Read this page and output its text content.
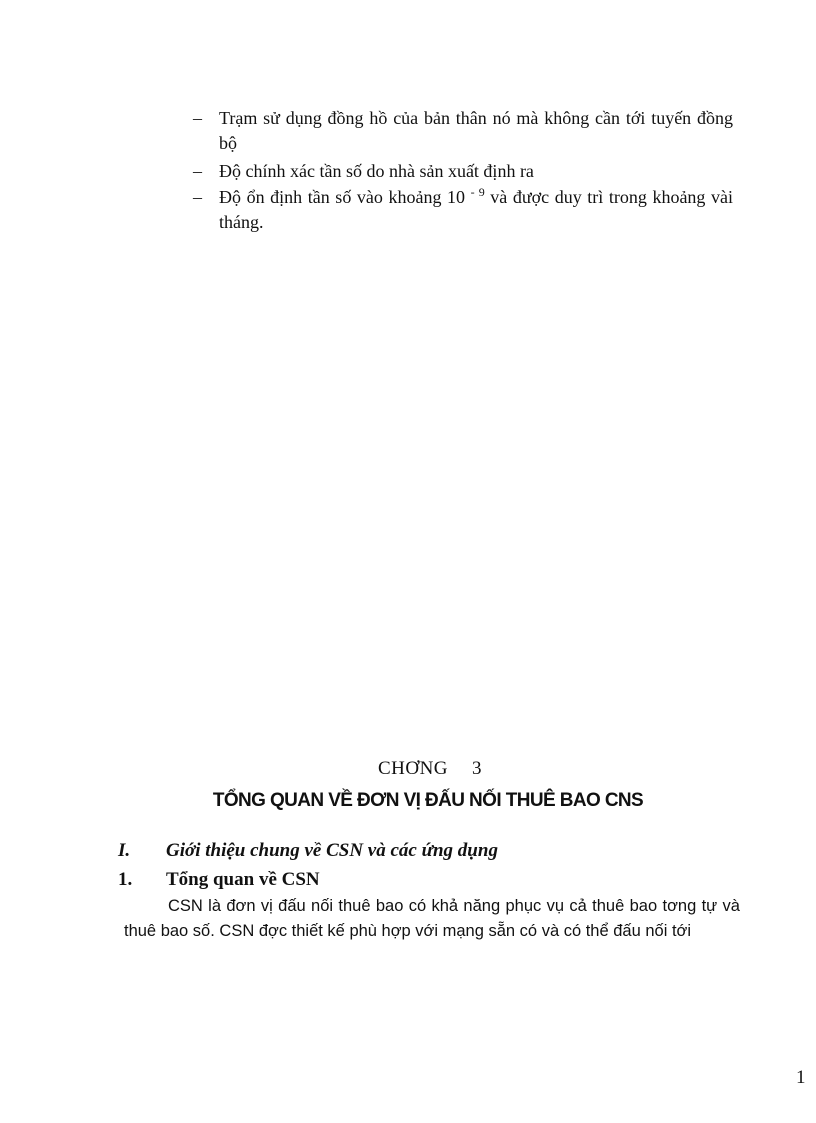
– Trạm sử dụng đồng hồ của bản thân nó mà không cần tới tuyến đồng bộ
– Độ chính xác tần số do nhà sản xuất định ra
– Độ ổn định tần số vào khoảng 10 $^{- 9}$ và được duy trì trong khoảng vài tháng.
CHƠNG 3
TỔNG QUAN VỀ ĐƠN VỊ ĐẤU NỐI THUÊ BAO CNS
I. Giới thiệu chung về CSN và các ứng dụng
1. Tổng quan về CSN
CSN là đơn vị đấu nối thuê bao có khả năng phục vụ cả thuê bao tơng tự và thuê bao số. CSN đợc thiết kế phù hợp với mạng sẵn có và có thể đấu nối tới
1
